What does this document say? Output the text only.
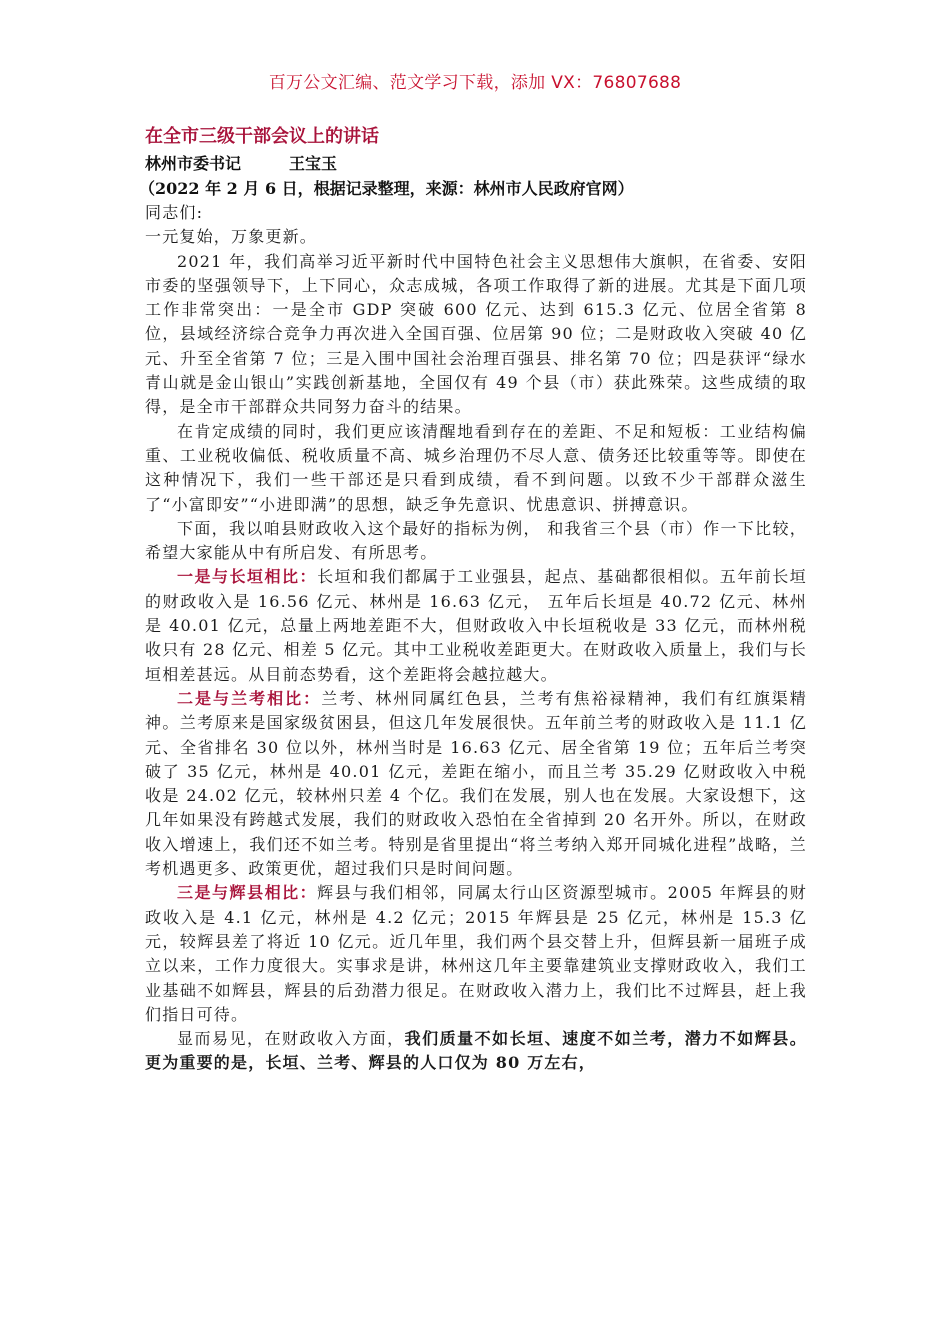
百万公文汇编、范文学习下载，添加 VX：76807688
在全市三级干部会议上的讲话

林州市委书记	王宝玉

（2022 年 2 月 6 日，根据记录整理，来源：林州市人民政府官网）

同志们:

一元复始，万象更新。

2021 年，我们高举习近平新时代中国特色社会主义思想伟大旗帜，在省委、安阳市委的坚强领导下，上下同心，众志成城，各项工作取得了新的进展。尤其是下面几项工作非常突出：一是全市 GDP 突破 600 亿元、达到 615.3 亿元、位居全省第 8 位，县域经济综合竞争力再次进入全国百强、位居第 90 位；二是财政收入突破 40 亿元、升至全省第 7 位；三是入围中国社会治理百强县、排名第 70 位；四是获评“绿水青山就是金山银山”实践创新基地，全国仅有 49 个县（市）获此殊荣。这些成绩的取得，是全市干部群众共同努力奋斗的结果。

在肯定成绩的同时，我们更应该清醒地看到存在的差距、不足和短板：工业结构偏重、工业税收偏低、税收质量不高、城乡治理仍不尽人意、债务还比较重等等。即使在这种情况下，我们一些干部还是只看到成绩，看不到问题。以致不少干部群众滋生了“小富即安”“小进即满”的思想，缺乏争先意识、忧患意识、拼搏意识。

下面，我以咱县财政收入这个最好的指标为例， 和我省三个县（市）作一下比较，希望大家能从中有所启发、有所思考。

一是与长垣相比：长垣和我们都属于工业强县，起点、基础都很相似。五年前长垣的财政收入是 16.56 亿元、林州是 16.63 亿元， 五年后长垣是 40.72 亿元、林州是 40.01 亿元，总量上两地差距不大，但财政收入中长垣税收是 33 亿元，而林州税收只有 28 亿元、相差 5 亿元。其中工业税收差距更大。在财政收入质量上，我们与长垣相差甚远。从目前态势看，这个差距将会越拉越大。

二是与兰考相比：兰考、林州同属红色县，兰考有焦裕禄精神，我们有红旗渠精神。兰考原来是国家级贫困县，但这几年发展很快。五年前兰考的财政收入是 11.1 亿元、全省排名 30 位以外，林州当时是 16.63 亿元、居全省第 19 位；五年后兰考突破了 35 亿元，林州是 40.01 亿元，差距在缩小，而且兰考 35.29 亿财政收入中税收是 24.02 亿元，较林州只差 4 个亿。我们在发展，别人也在发展。大家设想下，这几年如果没有跨越式发展，我们的财政收入恐怕在全省掉到 20 名开外。所以，在财政收入增速上，我们还不如兰考。特别是省里提出“将兰考纳入郑开同城化进程”战略，兰考机遇更多、政策更优，超过我们只是时间问题。

三是与辉县相比：辉县与我们相邻，同属太行山区资源型城市。2005 年辉县的财政收入是 4.1 亿元，林州是 4.2 亿元；2015 年辉县是 25 亿元，林州是 15.3 亿元，较辉县差了将近 10 亿元。近几年里，我们两个县交替上升，但辉县新一届班子成立以来，工作力度很大。实事求是讲，林州这几年主要靠建筑业支撑财政收入，我们工业基础不如辉县，辉县的后劲潜力很足。在财政收入潜力上，我们比不过辉县，赶上我们指日可待。

显而易见，在财政收入方面，我们质量不如长垣、速度不如兰考，潜力不如辉县。更为重要的是，长垣、兰考、辉县的人口仅为 80 万左右，
